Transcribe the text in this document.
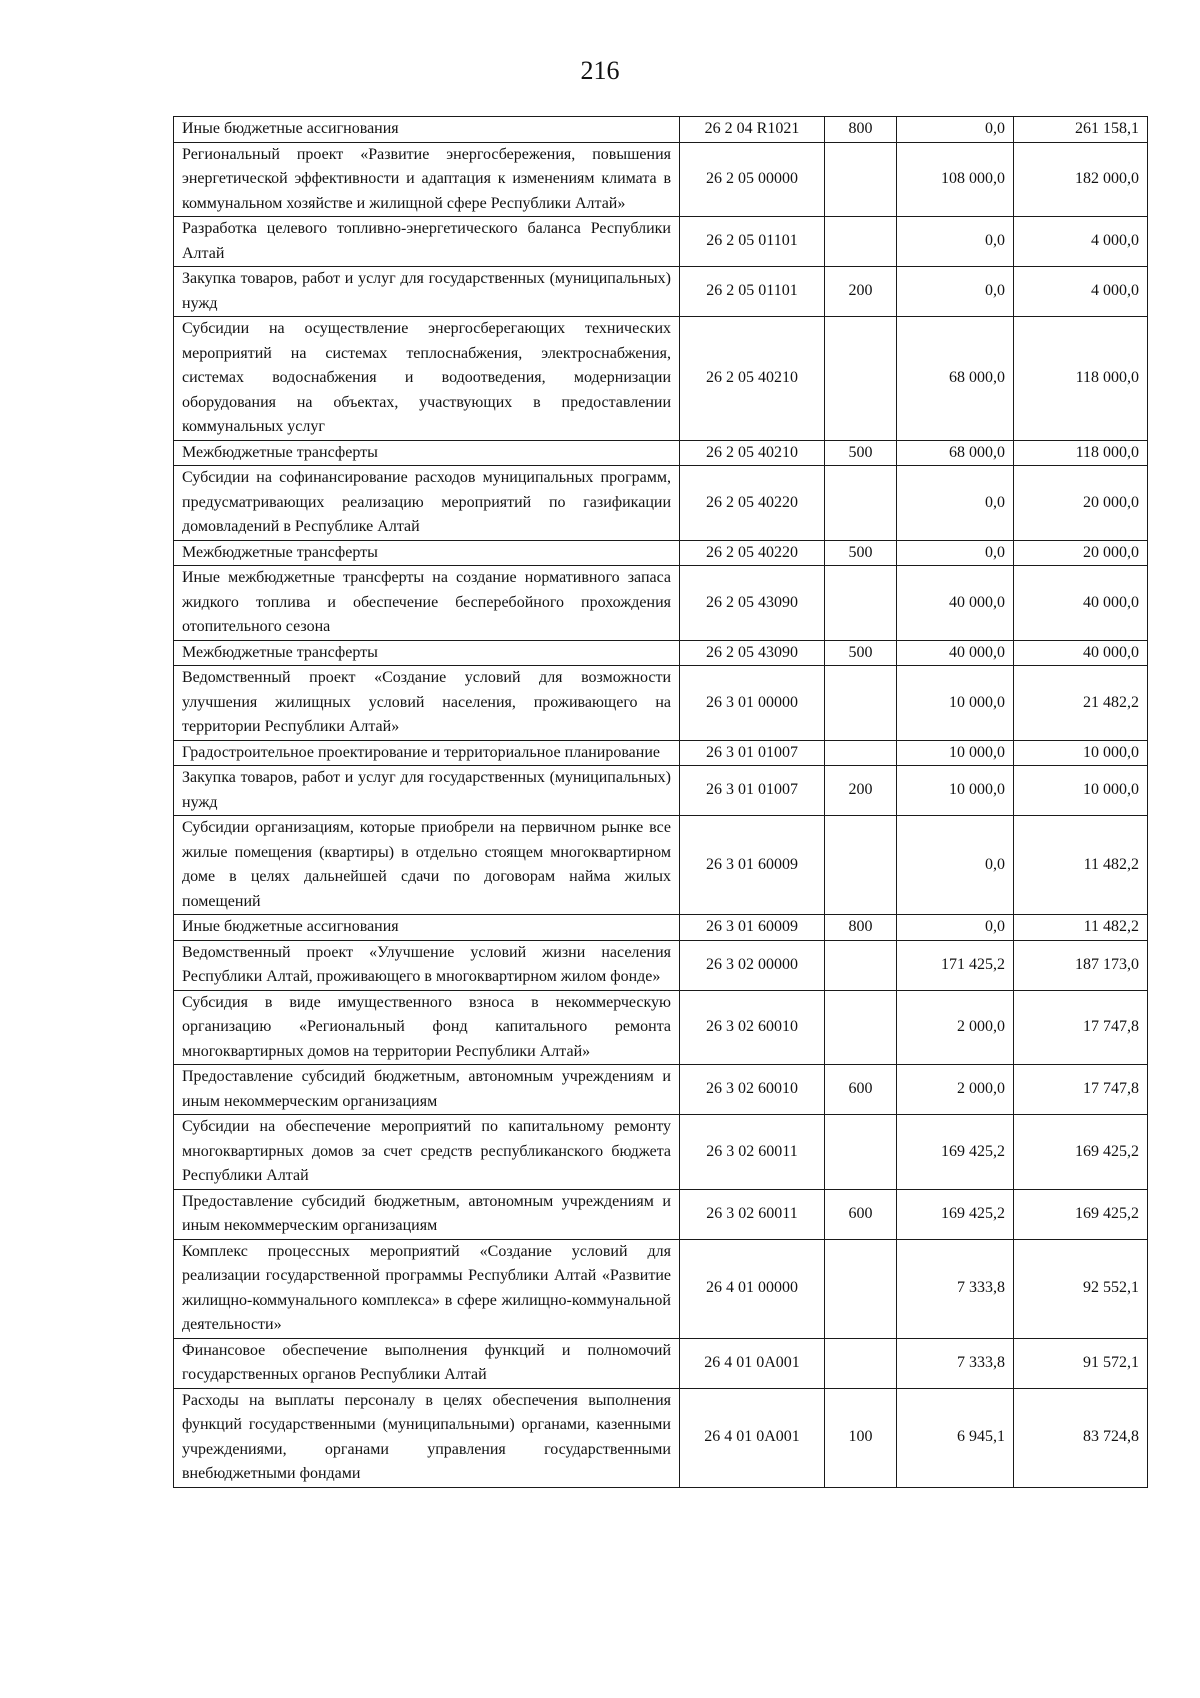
216
Иные бюджетные ассигнования	26 2 04 R1021	800	0,0	261 158,1
Региональный проект «Развитие энергосбережения, повышения энергетической эффективности и адаптация к изменениям климата в коммунальном хозяйстве и жилищной сфере Республики Алтай»	26 2 05 00000		108 000,0	182 000,0
Разработка целевого топливно-энергетического баланса Республики Алтай	26 2 05 01101		0,0	4 000,0
Закупка товаров, работ и услуг для государственных (муниципальных) нужд	26 2 05 01101	200	0,0	4 000,0
Субсидии на осуществление энергосберегающих технических мероприятий на системах теплоснабжения, электроснабжения, системах водоснабжения и водоотведения, модернизации оборудования на объектах, участвующих в предоставлении коммунальных услуг	26 2 05 40210		68 000,0	118 000,0
Межбюджетные трансферты	26 2 05 40210	500	68 000,0	118 000,0
Субсидии на софинансирование расходов муниципальных программ, предусматривающих реализацию мероприятий по газификации домовладений в Республике Алтай	26 2 05 40220		0,0	20 000,0
Межбюджетные трансферты	26 2 05 40220	500	0,0	20 000,0
Иные межбюджетные трансферты на создание нормативного запаса жидкого топлива и обеспечение бесперебойного прохождения отопительного сезона	26 2 05 43090		40 000,0	40 000,0
Межбюджетные трансферты	26 2 05 43090	500	40 000,0	40 000,0
Ведомственный проект «Создание условий для возможности улучшения жилищных условий населения, проживающего на территории Республики Алтай»	26 3 01 00000		10 000,0	21 482,2
Градостроительное проектирование и территориальное планирование	26 3 01 01007		10 000,0	10 000,0
Закупка товаров, работ и услуг для государственных (муниципальных) нужд	26 3 01 01007	200	10 000,0	10 000,0
Субсидии организациям, которые приобрели на первичном рынке все жилые помещения (квартиры) в отдельно стоящем многоквартирном доме в целях дальнейшей сдачи по договорам найма жилых помещений	26 3 01 60009		0,0	11 482,2
Иные бюджетные ассигнования	26 3 01 60009	800	0,0	11 482,2
Ведомственный проект «Улучшение условий жизни населения Республики Алтай, проживающего в многоквартирном жилом фонде»	26 3 02 00000		171 425,2	187 173,0
Субсидия в виде имущественного взноса в некоммерческую организацию «Региональный фонд капитального ремонта многоквартирных домов на территории Республики Алтай»	26 3 02 60010		2 000,0	17 747,8
Предоставление субсидий бюджетным, автономным учреждениям и иным некоммерческим организациям	26 3 02 60010	600	2 000,0	17 747,8
Субсидии на обеспечение мероприятий по капитальному ремонту многоквартирных домов за счет средств республиканского бюджета Республики Алтай	26 3 02 60011		169 425,2	169 425,2
Предоставление субсидий бюджетным, автономным учреждениям и иным некоммерческим организациям	26 3 02 60011	600	169 425,2	169 425,2
Комплекс процессных мероприятий «Создание условий для реализации государственной программы Республики Алтай «Развитие жилищно-коммунального комплекса» в сфере жилищно-коммунальной деятельности»	26 4 01 00000		7 333,8	92 552,1
Финансовое обеспечение выполнения функций и полномочий государственных органов Республики Алтай	26 4 01 0A001		7 333,8	91 572,1
Расходы на выплаты персоналу в целях обеспечения выполнения функций государственными (муниципальными) органами, казенными учреждениями, органами управления государственными внебюджетными фондами	26 4 01 0A001	100	6 945,1	83 724,8
